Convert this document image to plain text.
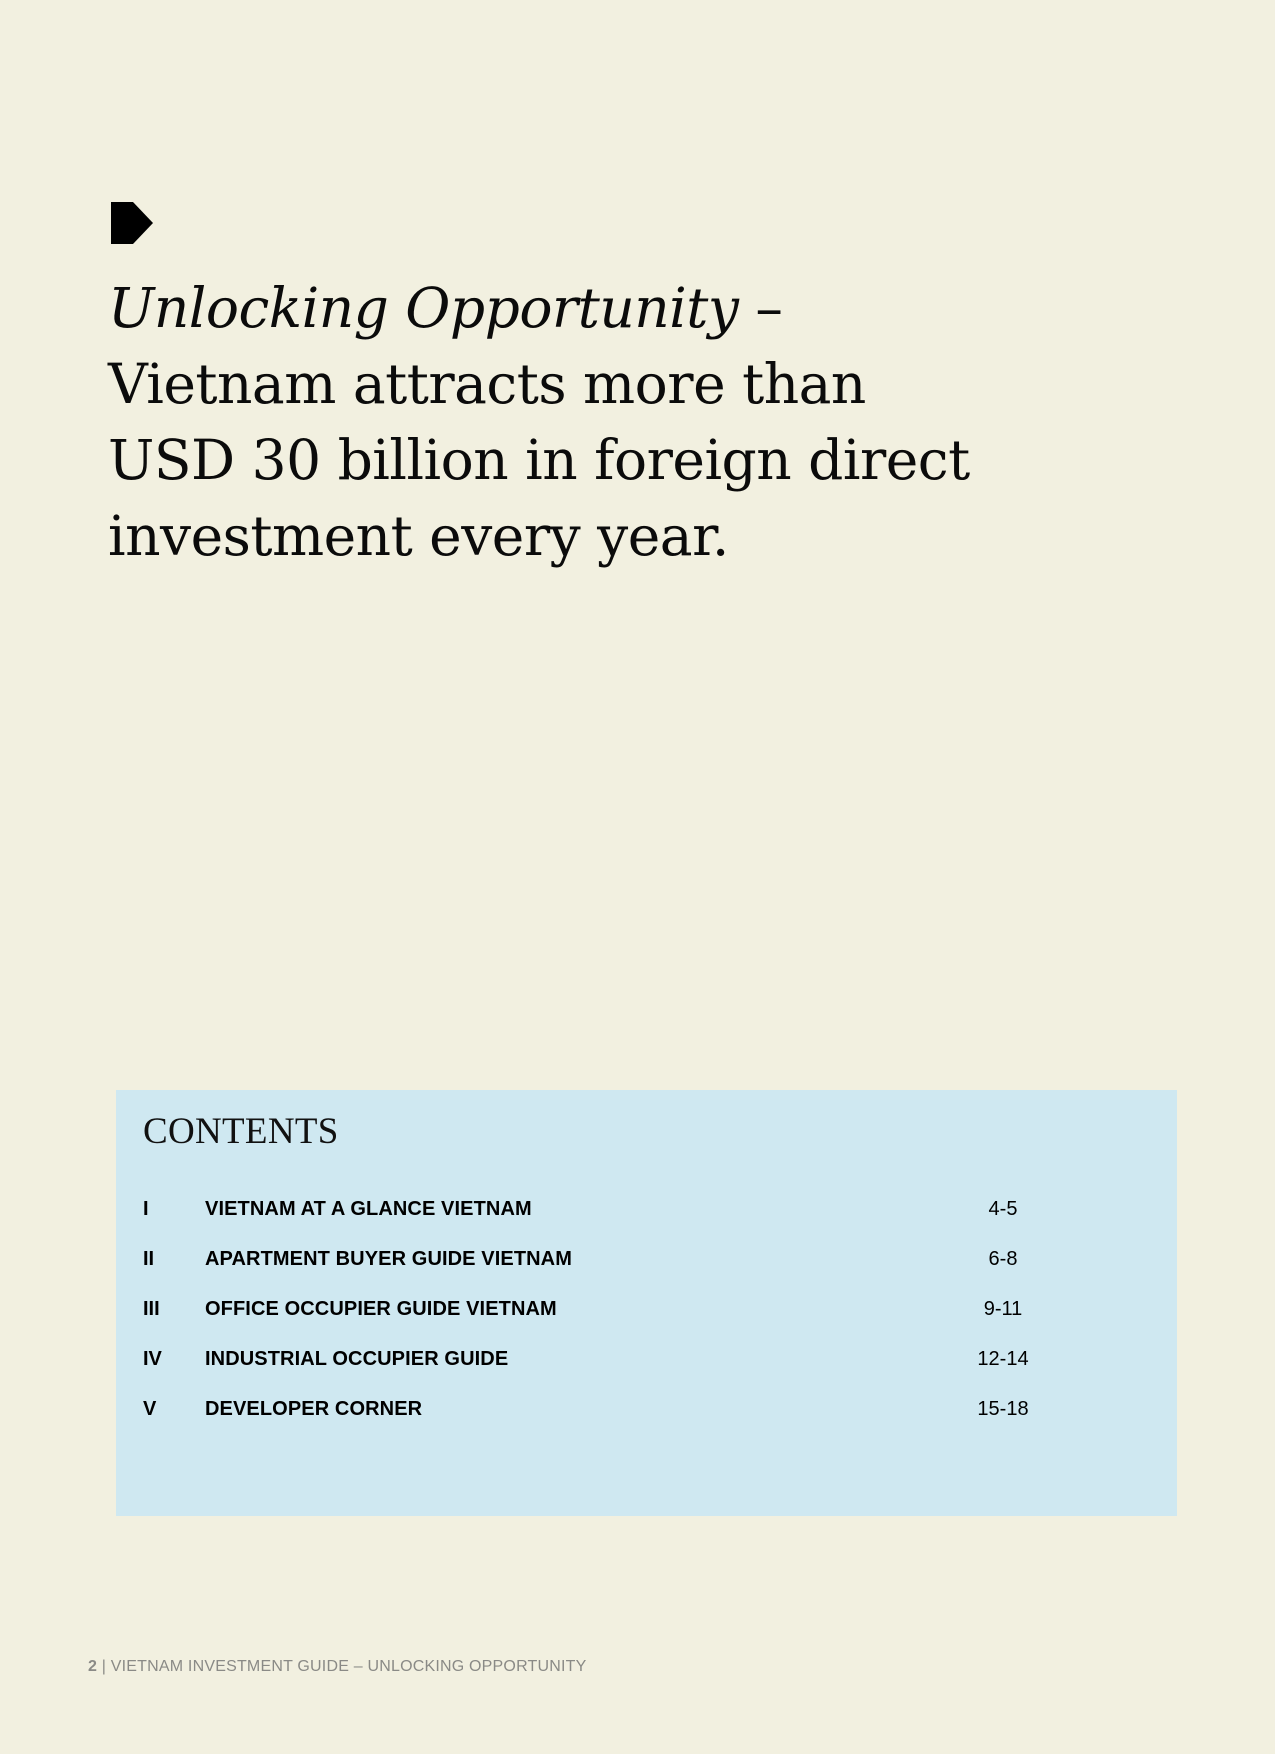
Unlocking Opportunity – Vietnam attracts more than USD 30 billion in foreign direct investment every year.
CONTENTS
I	VIETNAM AT A GLANCE VIETNAM	4-5
II	APARTMENT BUYER GUIDE VIETNAM	6-8
III OFFICE OCCUPIER GUIDE VIETNAM	9-11
IV INDUSTRIAL OCCUPIER GUIDE	12-14
V DEVELOPER CORNER	15-18
2 | VIETNAM INVESTMENT GUIDE – UNLOCKING OPPORTUNITY
